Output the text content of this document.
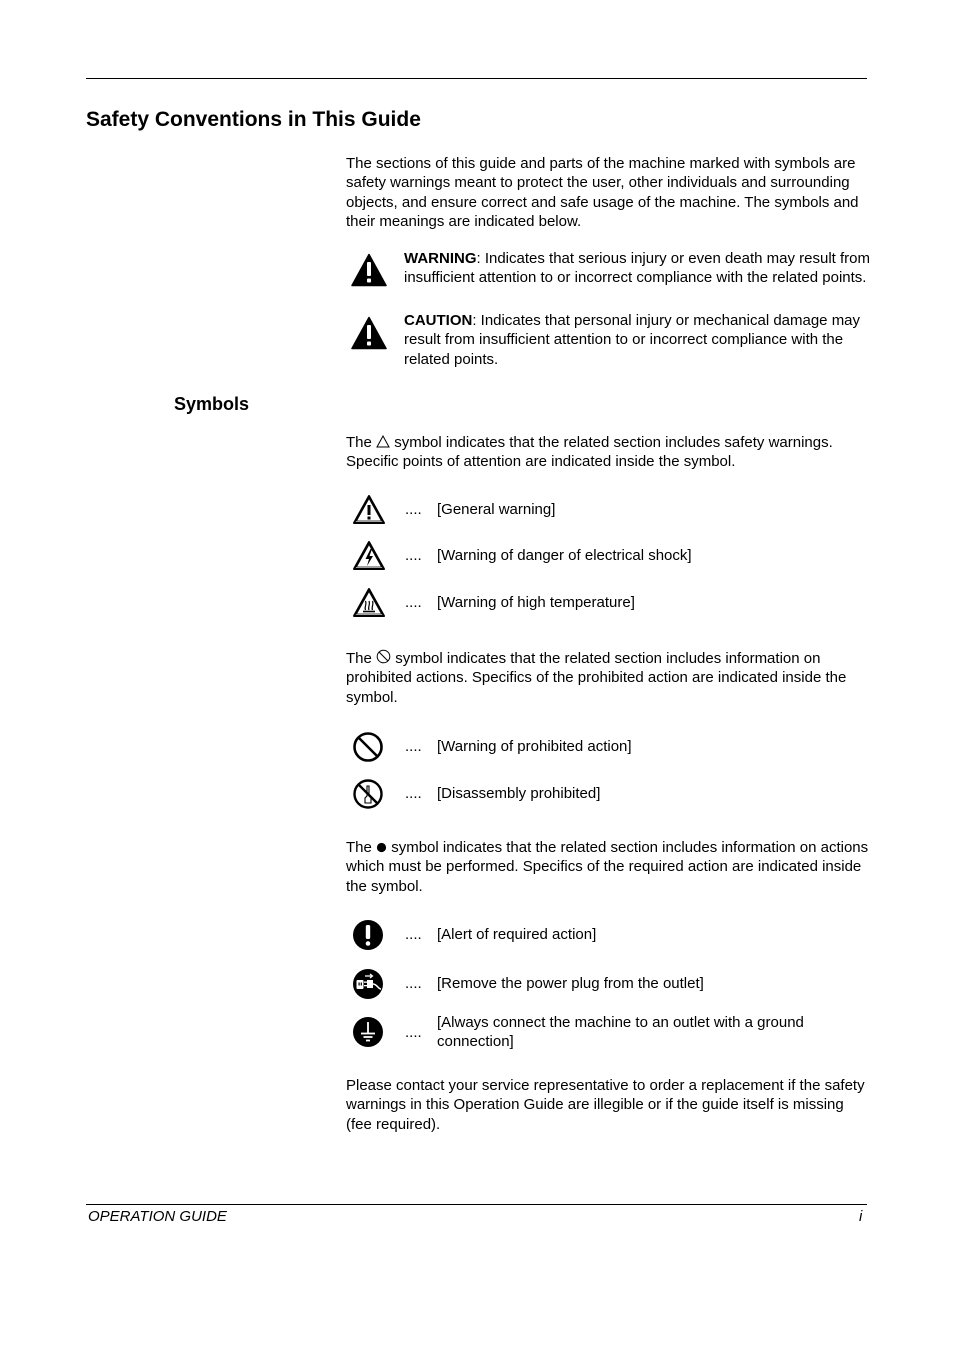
Safety Conventions in This Guide

The sections of this guide and parts of the machine marked with symbols are safety warnings meant to protect the user, other individuals and surrounding objects, and ensure correct and safe usage of the machine. The symbols and their meanings are indicated below.

WARNING: Indicates that serious injury or even death may result from insufficient attention to or incorrect compliance with the related points.

CAUTION: Indicates that personal injury or mechanical damage may result from insufficient attention to or incorrect compliance with the related points.

Symbols

The symbol indicates that the related section includes safety warnings. Specific points of attention are indicated inside the symbol.

.... [General warning]
.... [Warning of danger of electrical shock]
.... [Warning of high temperature]

The symbol indicates that the related section includes information on prohibited actions. Specifics of the prohibited action are indicated inside the symbol.

.... [Warning of prohibited action]
.... [Disassembly prohibited]

The symbol indicates that the related section includes information on actions which must be performed. Specifics of the required action are indicated inside the symbol.

.... [Alert of required action]
.... [Remove the power plug from the outlet]
....
[Always connect the machine to an outlet with a ground connection]

Please contact your service representative to order a replacement if the safety warnings in this Operation Guide are illegible or if the guide itself is missing (fee required).

OPERATION GUIDE	i
